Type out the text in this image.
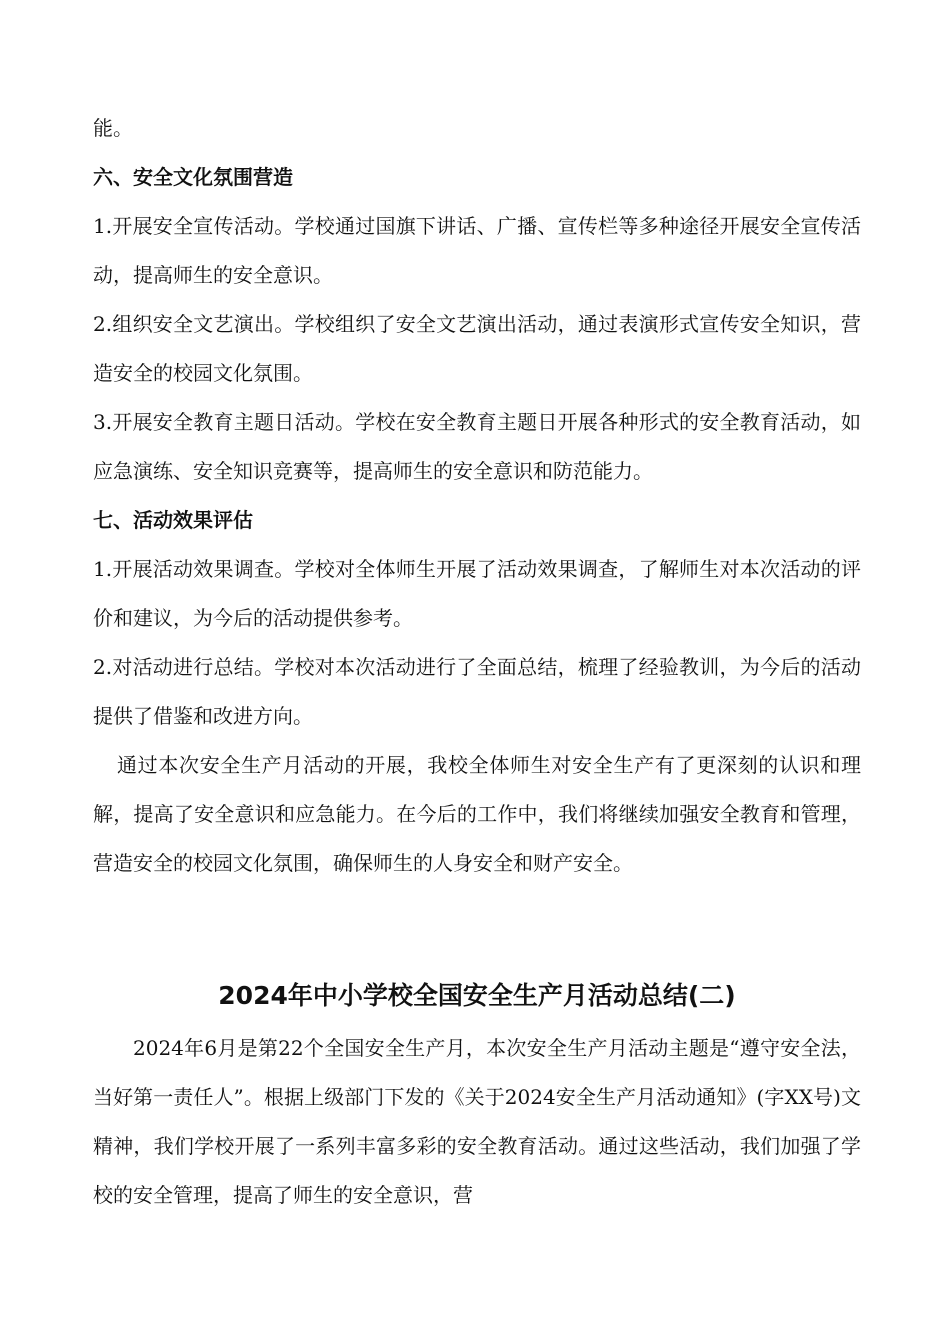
能。

六、安全文化氛围营造

1.开展安全宣传活动。学校通过国旗下讲话、广播、宣传栏等多种途径开展安全宣传活动，提高师生的安全意识。

2.组织安全文艺演出。学校组织了安全文艺演出活动，通过表演形式宣传安全知识，营造安全的校园文化氛围。

3.开展安全教育主题日活动。学校在安全教育主题日开展各种形式的安全教育活动，如应急演练、安全知识竞赛等，提高师生的安全意识和防范能力。

七、活动效果评估

1.开展活动效果调查。学校对全体师生开展了活动效果调查，了解师生对本次活动的评价和建议，为今后的活动提供参考。

2.对活动进行总结。学校对本次活动进行了全面总结，梳理了经验教训，为今后的活动提供了借鉴和改进方向。

通过本次安全生产月活动的开展，我校全体师生对安全生产有了更深刻的认识和理解，提高了安全意识和应急能力。在今后的工作中，我们将继续加强安全教育和管理，营造安全的校园文化氛围，确保师生的人身安全和财产安全。

2024年中小学校全国安全生产月活动总结(二)

2024年6月是第22个全国安全生产月，本次安全生产月活动主题是“遵守安全法，当好第一责任人”。根据上级部门下发的《关于2024安全生产月活动通知》(字XX号)文精神，我们学校开展了一系列丰富多彩的安全教育活动。通过这些活动，我们加强了学校的安全管理，提高了师生的安全意识，营
